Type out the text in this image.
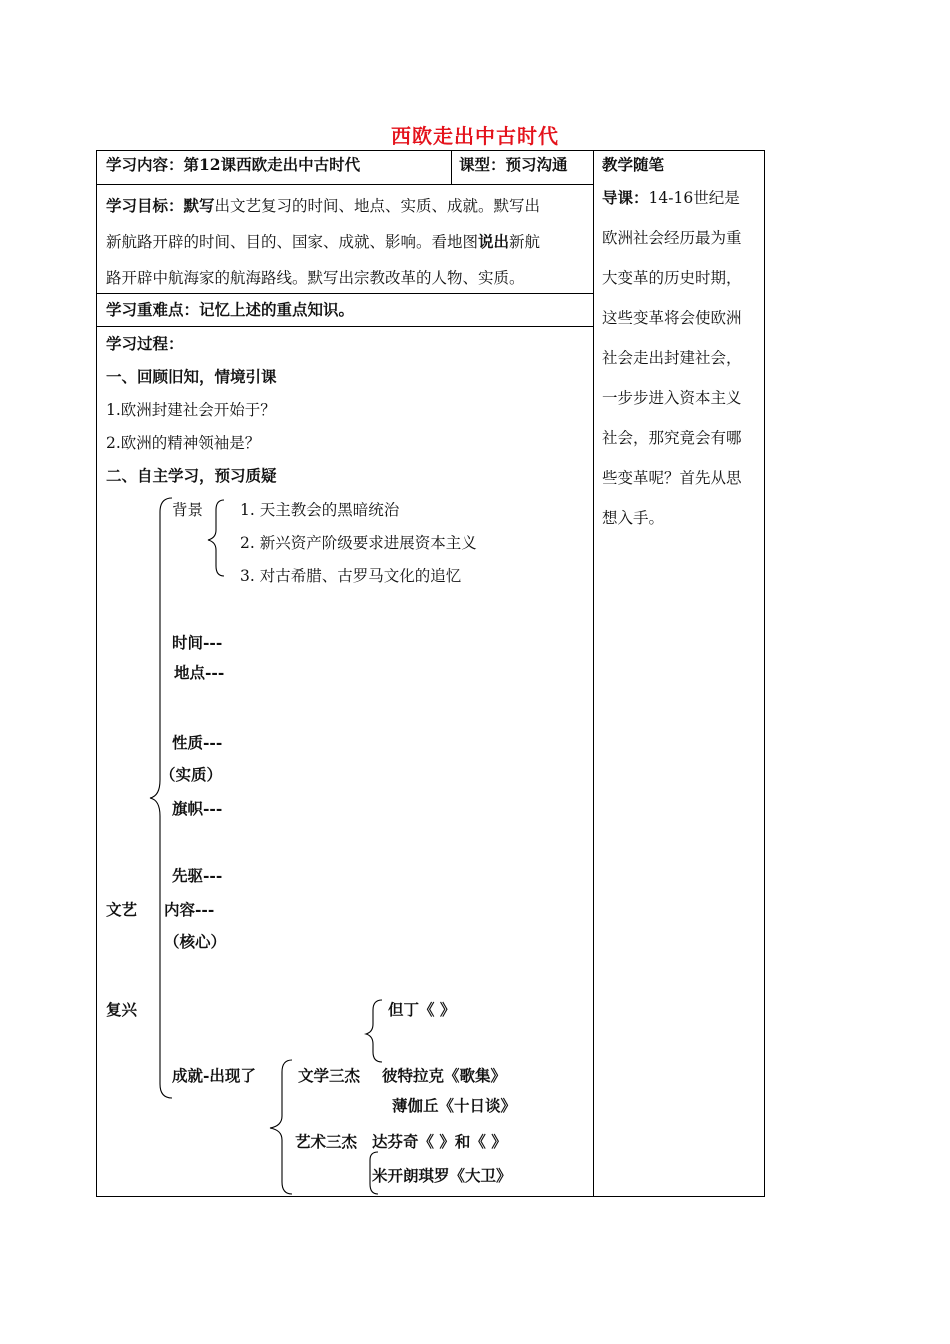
西欧走出中古时代
学习内容：第12课西欧走出中古时代	课型：预习沟通 教学随笔
学习目标：默写出文艺复习的时间、地点、实质、成就。默写出
新航路开辟的时间、目的、国家、成就、影响。看地图说出新航
路开辟中航海家的航海路线。默写出宗教改革的人物、实质。
学习重难点：记忆上述的重点知识。
学习过程：
一、回顾旧知，情境引课
1.欧洲封建社会开始于？
2.欧洲的精神领袖是？
二、自主学习，预习质疑
背景 1. 天主教会的黑暗统治
2. 新兴资产阶级要求进展资本主义
3. 对古希腊、古罗马文化的追忆
时间---
地点---
性质---
（实质）
旗帜---
先驱---
文艺 内容---
（核心）
复兴	但丁《 》
成就-出现了	文学三杰 彼特拉克《歌集》
薄伽丘《十日谈》
艺术三杰 达芬奇《 》和《 》
米开朗琪罗《大卫》
导课：14-16世纪是
欧洲社会经历最为重
大变革的历史时期，
这些变革将会使欧洲
社会走出封建社会，
一步步进入资本主义
社会，那究竟会有哪
些变革呢？首先从思
想入手。
